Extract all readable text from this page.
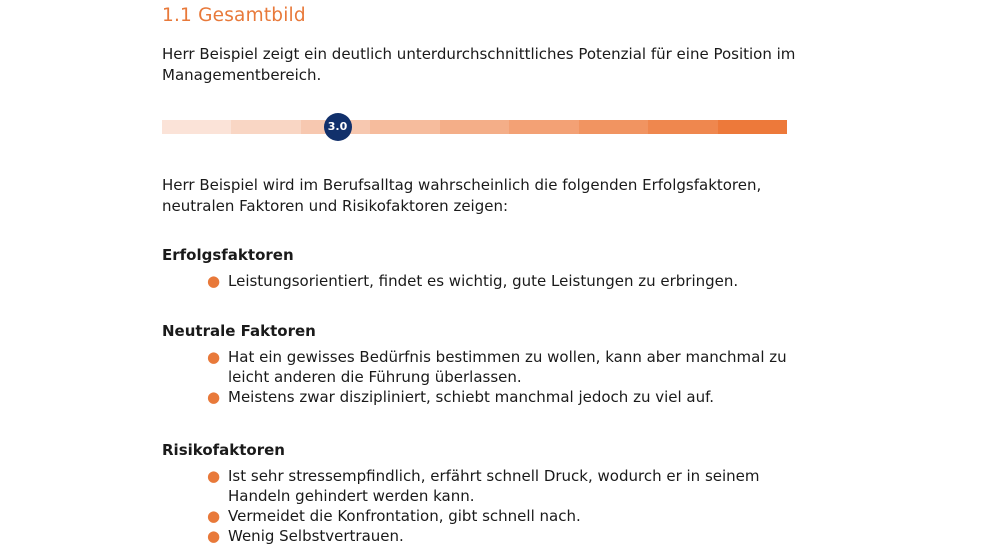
1.1 Gesamtbild

Herr Beispiel zeigt ein deutlich unterdurchschnittliches Potenzial für eine Position im
Managementbereich.

3.0

Herr Beispiel wird im Berufsalltag wahrscheinlich die folgenden Erfolgsfaktoren,
neutralen Faktoren und Risikofaktoren zeigen:

Erfolgsfaktoren
● Leistungsorientiert, findet es wichtig, gute Leistungen zu erbringen.
Neutrale Faktoren
● Hat ein gewisses Bedürfnis bestimmen zu wollen, kann aber manchmal zu
leicht anderen die Führung überlassen.
● Meistens zwar diszipliniert, schiebt manchmal jedoch zu viel auf.
Risikofaktoren
● Ist sehr stressempfindlich, erfährt schnell Druck, wodurch er in seinem
Handeln gehindert werden kann.
● Vermeidet die Konfrontation, gibt schnell nach.
● Wenig Selbstvertrauen.
